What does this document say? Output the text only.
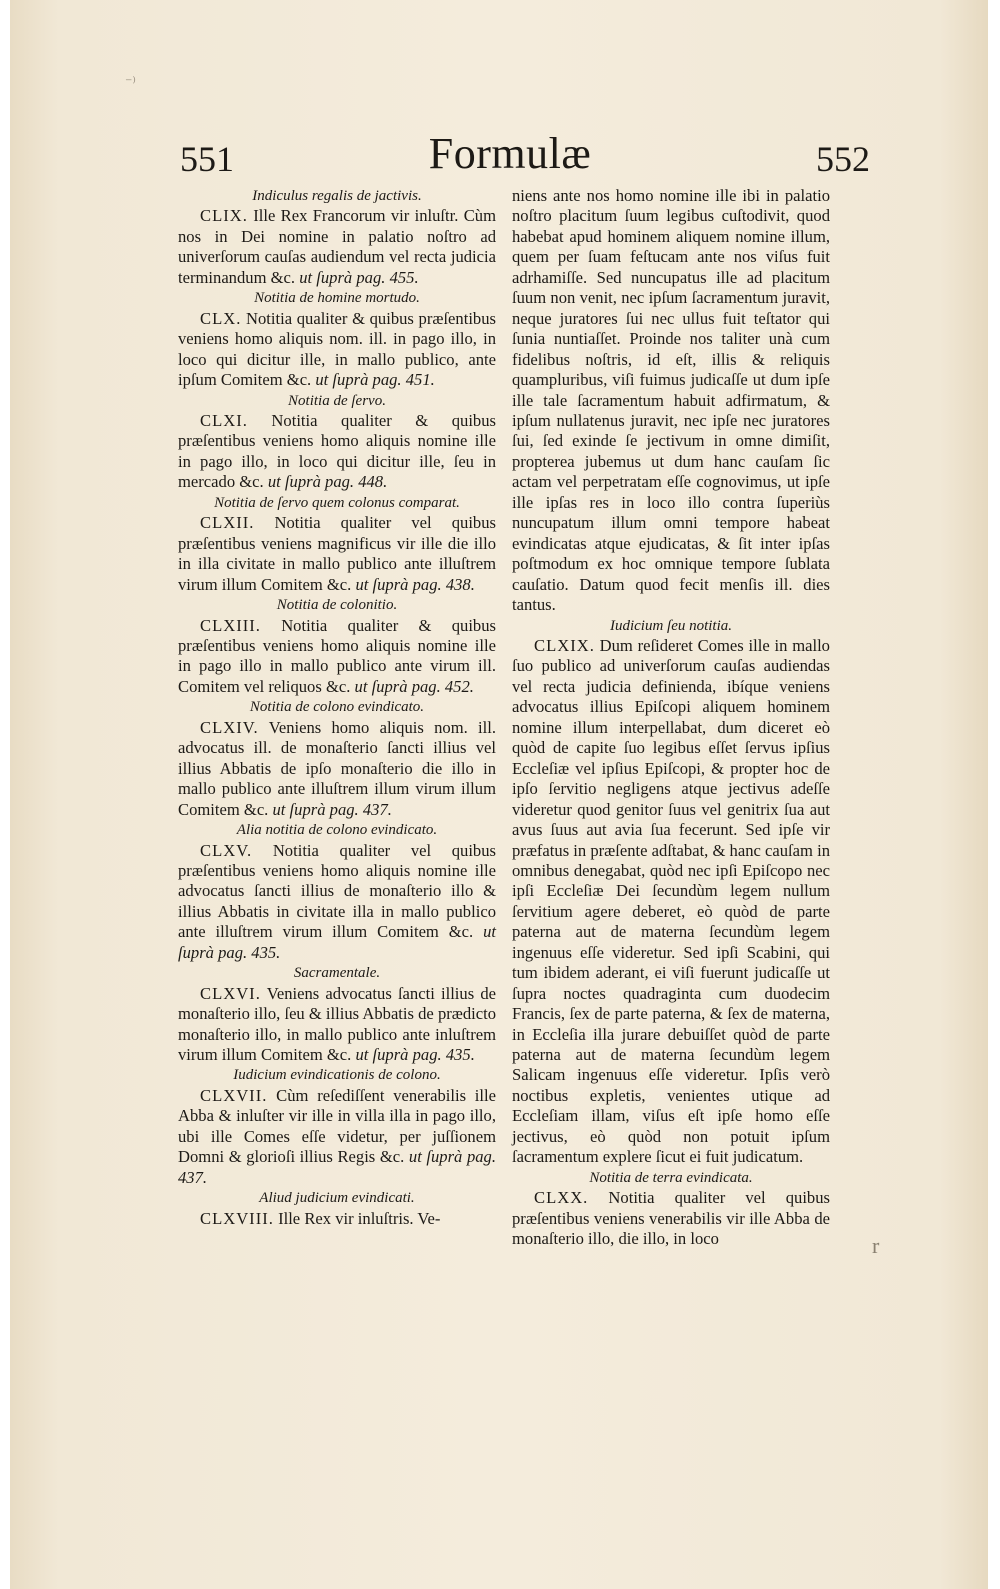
⁻⁾
r
551	Formulæ	552
Indiculus regalis de jactivis.

CLIX. Ille Rex Francorum vir inluſtr. Cùm nos in Dei nomine in palatio noſtro ad univerſorum cauſas audiendum vel recta judicia terminandum &c. ut ſuprà pag. 455.

Notitia de homine mortudo.

CLX. Notitia qualiter & quibus præſentibus veniens homo aliquis nom. ill. in pago illo, in loco qui dicitur ille, in mallo publico, ante ipſum Comitem &c. ut ſuprà pag. 451.

Notitia de ſervo.

CLXI. Notitia qualiter & quibus præſentibus veniens homo aliquis nomine ille in pago illo, in loco qui dicitur ille, ſeu in mercado &c. ut ſuprà pag. 448.

Notitia de ſervo quem colonus comparat.

CLXII. Notitia qualiter vel quibus præſentibus veniens magnificus vir ille die illo in illa civitate in mallo publico ante illuſtrem virum illum Comitem &c. ut ſuprà pag. 438.

Notitia de colonitio.

CLXIII. Notitia qualiter & quibus præſentibus veniens homo aliquis nomine ille in pago illo in mallo publico ante virum ill. Comitem vel reliquos &c. ut ſuprà pag. 452.

Notitia de colono evindicato.

CLXIV. Veniens homo aliquis nom. ill. advocatus ill. de monaſterio ſancti illius vel illius Abbatis de ipſo monaſterio die illo in mallo publico ante illuſtrem illum virum illum Comitem &c. ut ſuprà pag. 437.

Alia notitia de colono evindicato.

CLXV. Notitia qualiter vel quibus præſentibus veniens homo aliquis nomine ille advocatus ſancti illius de monaſterio illo & illius Abbatis in civitate illa in mallo publico ante illuſtrem virum illum Comitem &c. ut ſuprà pag. 435.

Sacramentale.

CLXVI. Veniens advocatus ſancti illius de monaſterio illo, ſeu & illius Abbatis de prædicto monaſterio illo, in mallo publico ante inluſtrem virum illum Comitem &c. ut ſuprà pag. 435.

Iudicium evindicationis de colono.

CLXVII. Cùm reſediſſent venerabilis ille Abba & inluſter vir ille in villa illa in pago illo, ubi ille Comes eſſe videtur, per juſſionem Domni & glorioſi illius Regis &c. ut ſuprà pag. 437.

Aliud judicium evindicati.

CLXVIII. Ille Rex vir inluſtris. Ve-

niens ante nos homo nomine ille ibi in palatio noſtro placitum ſuum legibus cuſtodivit, quod habebat apud hominem aliquem nomine illum, quem per ſuam feſtucam ante nos viſus fuit adrhamiſſe. Sed nuncupatus ille ad placitum ſuum non venit, nec ipſum ſacramentum juravit, neque juratores ſui nec ullus fuit teſtator qui ſunia nuntiaſſet. Proinde nos taliter unà cum fidelibus noſtris, id eſt, illis & reliquis quampluribus, viſi fuimus judicaſſe ut dum ipſe ille tale ſacramentum habuit adfirmatum, & ipſum nullatenus juravit, nec ipſe nec juratores ſui, ſed exinde ſe jectivum in omne dimiſit, propterea jubemus ut dum hanc cauſam ſic actam vel perpetratam eſſe cognovimus, ut ipſe ille ipſas res in loco illo contra ſuperiùs nuncupatum illum omni tempore habeat evindicatas atque ejudicatas, & ſit inter ipſas poſtmodum ex hoc omnique tempore ſublata cauſatio. Datum quod fecit menſis ill. dies tantus.

Iudicium ſeu notitia.

CLXIX. Dum reſideret Comes ille in mallo ſuo publico ad univerſorum cauſas audiendas vel recta judicia definienda, ibíque veniens advocatus illius Epiſcopi aliquem hominem nomine illum interpellabat, dum diceret eò quòd de capite ſuo legibus eſſet ſervus ipſius Eccleſiæ vel ipſius Epiſcopi, & propter hoc de ipſo ſervitio negligens atque jectivus adeſſe videretur quod genitor ſuus vel genitrix ſua aut avus ſuus aut avia ſua fecerunt. Sed ipſe vir præfatus in præſente adſtabat, & hanc cauſam in omnibus denegabat, quòd nec ipſi Epiſcopo nec ipſi Eccleſiæ Dei ſecundùm legem nullum ſervitium agere deberet, eò quòd de parte paterna aut de materna ſecundùm legem ingenuus eſſe videretur. Sed ipſi Scabini, qui tum ibidem aderant, ei viſi fuerunt judicaſſe ut ſupra noctes quadraginta cum duodecim Francis, ſex de parte paterna, & ſex de materna, in Eccleſia illa jurare debuiſſet quòd de parte paterna aut de materna ſecundùm legem Salicam ingenuus eſſe videretur. Ipſis verò noctibus expletis, venientes utique ad Eccleſiam illam, viſus eſt ipſe homo eſſe jectivus, eò quòd non potuit ipſum ſacramentum explere ſicut ei fuit judicatum.

Notitia de terra evindicata.

CLXX. Notitia qualiter vel quibus præſentibus veniens venerabilis vir ille Abba de monaſterio illo, die illo, in loco
